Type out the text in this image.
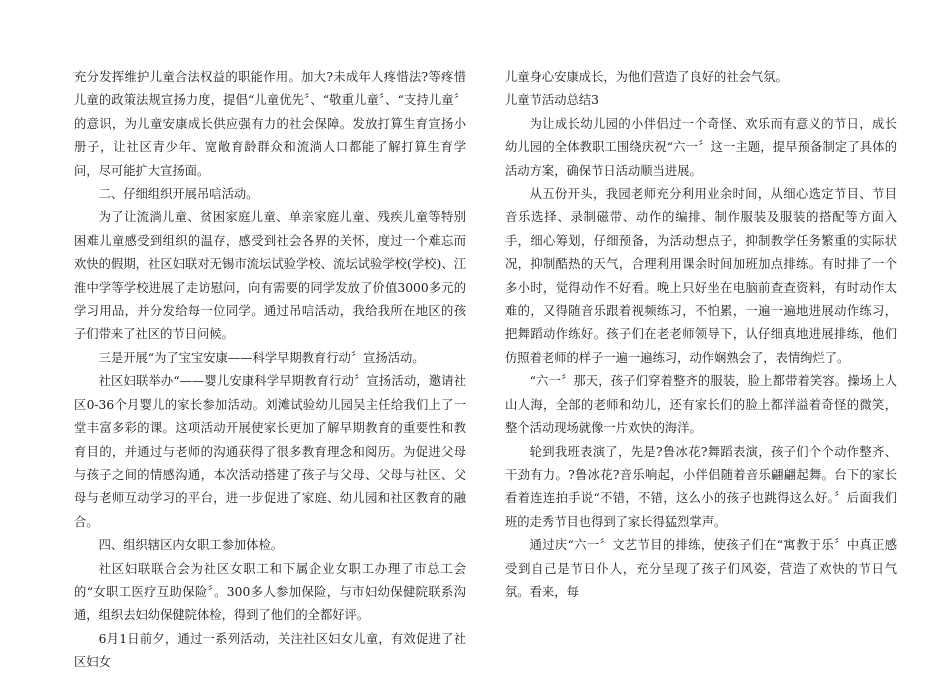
充分发挥维护儿童合法权益的职能作用。加大?未成年人疼惜法?等疼惜儿童的政策法规宣扬力度，提倡“儿童优先〞、“敬重儿童〞、“支持儿童〞的意识，为儿童安康成长供应强有力的社会保障。发放打算生育宣扬小册子，让社区青少年、宽敞育龄群众和流淌人口都能了解打算生育学问，尽可能扩大宣扬面。

二、仔细组织开展吊唁活动。

为了让流淌儿童、贫困家庭儿童、单亲家庭儿童、残疾儿童等特别困难儿童感受到组织的温存，感受到社会各界的关怀，度过一个难忘而欢快的假期，社区妇联对无锡市流坛试验学校、流坛试验学校(学校)、江淮中学等学校进展了走访慰问，向有需要的同学发放了价值3000多元的学习用品，并分发给每一位同学。通过吊唁活动，我给我所在地区的孩子们带来了社区的节日问候。

三是开展“为了宝宝安康——科学早期教育行动〞宣扬活动。

社区妇联举办“——婴儿安康科学早期教育行动〞宣扬活动，邀请社区0-36个月婴儿的家长参加活动。刘滩试验幼儿园吴主任给我们上了一堂丰富多彩的课。这项活动开展使家长更加了解早期教育的重要性和教育目的，并通过与老师的沟通获得了很多教育理念和阅历。为促进父母与孩子之间的情感沟通，本次活动搭建了孩子与父母、父母与社区、父母与老师互动学习的平台，进一步促进了家庭、幼儿园和社区教育的融合。

四、组织辖区内女职工参加体检。

社区妇联联合会为社区女职工和下属企业女职工办理了市总工会的“女职工医疗互助保险〞。300多人参加保险，与市妇幼保健院联系沟通，组织去妇幼保健院体检，得到了他们的全都好评。

6月1日前夕，通过一系列活动，关注社区妇女儿童，有效促进了社区妇女

儿童身心安康成长，为他们营造了良好的社会气氛。

儿童节活动总结3

为让成长幼儿园的小伴侣过一个奇怪、欢乐而有意义的节日，成长幼儿园的全体教职工围绕庆祝“六一〞这一主题，提早预备制定了具体的活动方案，确保节日活动顺当进展。

从五份开头，我园老师充分利用业余时间，从细心选定节目、节目音乐选择、录制磁带、动作的编排、制作服装及服装的搭配等方面入手，细心筹划，仔细预备，为活动想点子，抑制教学任务繁重的实际状况，抑制酷热的天气，合理利用课余时间加班加点排练。有时排了一个多小时，觉得动作不好看。晚上只好坐在电脑前查查资料，有时动作太难的，又得随音乐跟着视频练习，不怕累，一遍一遍地进展动作练习，把舞蹈动作练好。孩子们在老老师领导下，认仔细真地进展排练，他们仿照着老师的样子一遍一遍练习，动作娴熟会了，表情绚烂了。

“六一〞那天，孩子们穿着整齐的服装，脸上都带着笑容。操场上人山人海，全部的老师和幼儿，还有家长们的脸上都洋溢着奇怪的微笑，整个活动现场就像一片欢快的海洋。

轮到我班表演了，先是?鲁冰花?舞蹈表演，孩子们个个动作整齐、干劲有力。?鲁冰花?音乐响起，小伴侣随着音乐翩翩起舞。台下的家长看着连连拍手说“不错，不错，这么小的孩子也跳得这么好。〞后面我们班的走秀节目也得到了家长得猛烈掌声。

通过庆“六一〞文艺节目的排练，使孩子们在“寓教于乐〞中真正感受到自己是节日仆人，充分呈现了孩子们风姿，营造了欢快的节日气氛。看来，每
